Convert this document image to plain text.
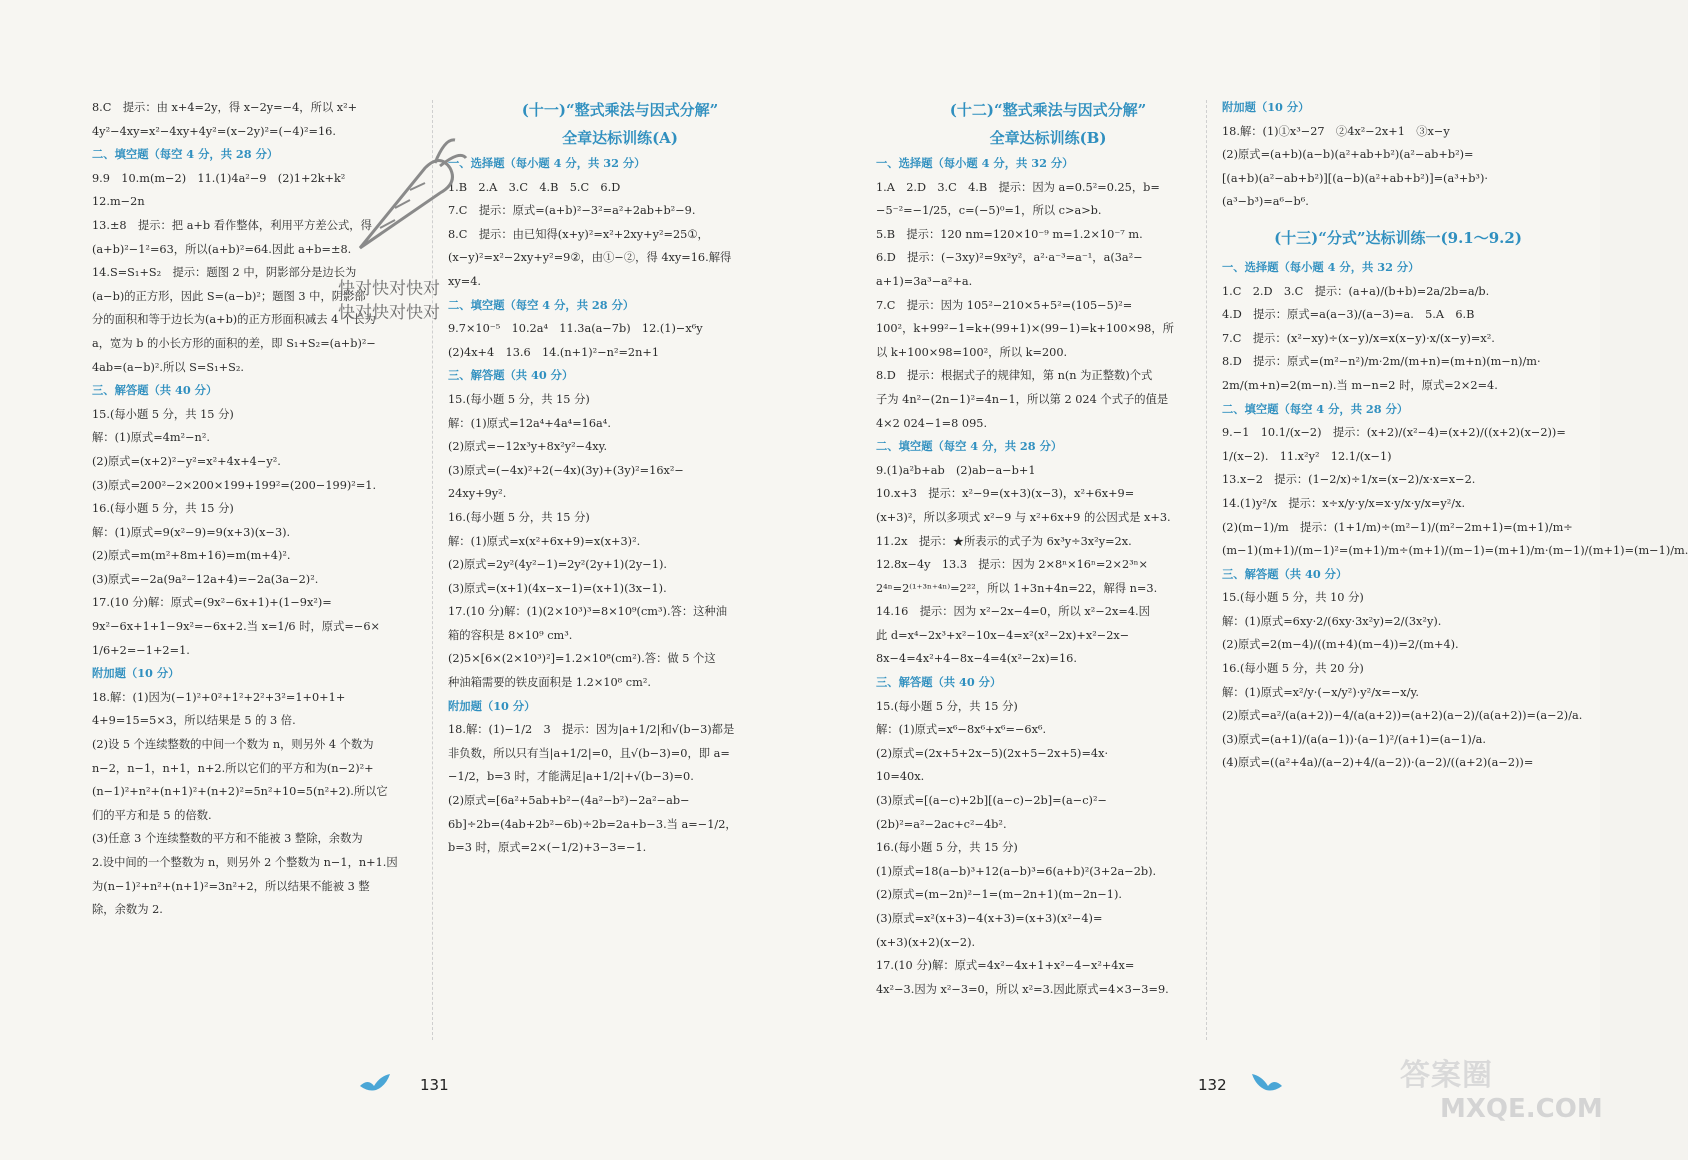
8.C　提示：由 x+4=2y，得 x−2y=−4，所以 x²+
4y²−4xy=x²−4xy+4y²=(x−2y)²=(−4)²=16.
二、填空题（每空 4 分，共 28 分）
9.9　10.m(m−2)　11.(1)4a²−9　(2)1+2k+k²
12.m−2n
13.±8　提示：把 a+b 看作整体，利用平方差公式，得
(a+b)²−1²=63，所以(a+b)²=64.因此 a+b=±8.
14.S=S₁+S₂　提示：题图 2 中，阴影部分是边长为
(a−b)的正方形，因此 S=(a−b)²；题图 3 中，阴影部
分的面积和等于边长为(a+b)的正方形面积减去 4 个长为
a，宽为 b 的小长方形的面积的差，即 S₁+S₂=(a+b)²−
4ab=(a−b)².所以 S=S₁+S₂.
三、解答题（共 40 分）
15.(每小题 5 分，共 15 分)
解：(1)原式=4m²−n².
(2)原式=(x+2)²−y²=x²+4x+4−y².
(3)原式=200²−2×200×199+199²=(200−199)²=1.
16.(每小题 5 分，共 15 分)
解：(1)原式=9(x²−9)=9(x+3)(x−3).
(2)原式=m(m²+8m+16)=m(m+4)².
(3)原式=−2a(9a²−12a+4)=−2a(3a−2)².
17.(10 分)解：原式=(9x²−6x+1)+(1−9x²)=
9x²−6x+1+1−9x²=−6x+2.当 x=1/6 时，原式=−6×
1/6+2=−1+2=1.
附加题（10 分）
18.解：(1)因为(−1)²+0²+1²+2²+3²=1+0+1+
4+9=15=5×3，所以结果是 5 的 3 倍.
(2)设 5 个连续整数的中间一个数为 n，则另外 4 个数为
n−2，n−1，n+1，n+2.所以它们的平方和为(n−2)²+
(n−1)²+n²+(n+1)²+(n+2)²=5n²+10=5(n²+2).所以它
们的平方和是 5 的倍数.
(3)任意 3 个连续整数的平方和不能被 3 整除，余数为
2.设中间的一个整数为 n，则另外 2 个整数为 n−1，n+1.因
为(n−1)²+n²+(n+1)²=3n²+2，所以结果不能被 3 整
除，余数为 2.
(十一)“整式乘法与因式分解”
全章达标训练(A)
一、选择题（每小题 4 分，共 32 分）
1.B　2.A　3.C　4.B　5.C　6.D
7.C　提示：原式=(a+b)²−3²=a²+2ab+b²−9.
8.C　提示：由已知得(x+y)²=x²+2xy+y²=25①，
(x−y)²=x²−2xy+y²=9②，由①−②，得 4xy=16.解得
xy=4.
二、填空题（每空 4 分，共 28 分）
9.7×10⁻⁵　10.2a⁴　11.3a(a−7b)　12.(1)−x⁶y
(2)4x+4　13.6　14.(n+1)²−n²=2n+1
三、解答题（共 40 分）
15.(每小题 5 分，共 15 分)
解：(1)原式=12a⁴+4a⁴=16a⁴.
(2)原式=−12x³y+8x²y²−4xy.
(3)原式=(−4x)²+2(−4x)(3y)+(3y)²=16x²−
24xy+9y².
16.(每小题 5 分，共 15 分)
解：(1)原式=x(x²+6x+9)=x(x+3)².
(2)原式=2y²(4y²−1)=2y²(2y+1)(2y−1).
(3)原式=(x+1)(4x−x−1)=(x+1)(3x−1).
17.(10 分)解：(1)(2×10³)³=8×10⁹(cm³).答：这种油
箱的容积是 8×10⁹ cm³.
(2)5×[6×(2×10³)²]=1.2×10⁸(cm²).答：做 5 个这
种油箱需要的铁皮面积是 1.2×10⁸ cm².
附加题（10 分）
18.解：(1)−1/2　3　提示：因为|a+1/2|和√(b−3)都是
非负数，所以只有当|a+1/2|=0，且√(b−3)=0，即 a=
−1/2，b=3 时，才能满足|a+1/2|+√(b−3)=0.
(2)原式=[6a²+5ab+b²−(4a²−b²)−2a²−ab−
6b]÷2b=(4ab+2b²−6b)÷2b=2a+b−3.当 a=−1/2，
b=3 时，原式=2×(−1/2)+3−3=−1.
(十二)“整式乘法与因式分解”
全章达标训练(B)
一、选择题（每小题 4 分，共 32 分）
1.A　2.D　3.C　4.B　提示：因为 a=0.5²=0.25，b=
−5⁻²=−1/25，c=(−5)⁰=1，所以 c>a>b.
5.B　提示：120 nm=120×10⁻⁹ m=1.2×10⁻⁷ m.
6.D　提示：(−3xy)²=9x²y²，a²·a⁻³=a⁻¹，a(3a²−
a+1)=3a³−a²+a.
7.C　提示：因为 105²−210×5+5²=(105−5)²=
100²，k+99²−1=k+(99+1)×(99−1)=k+100×98，所
以 k+100×98=100²，所以 k=200.
8.D　提示：根据式子的规律知，第 n(n 为正整数)个式
子为 4n²−(2n−1)²=4n−1，所以第 2 024 个式子的值是
4×2 024−1=8 095.
二、填空题（每空 4 分，共 28 分）
9.(1)a²b+ab　(2)ab−a−b+1
10.x+3　提示：x²−9=(x+3)(x−3)，x²+6x+9=
(x+3)²，所以多项式 x²−9 与 x²+6x+9 的公因式是 x+3.
11.2x　提示：★所表示的式子为 6x³y÷3x²y=2x.
12.8x−4y　13.3　提示：因为 2×8ⁿ×16ⁿ=2×2³ⁿ×
2⁴ⁿ=2⁽¹⁺³ⁿ⁺⁴ⁿ⁾=2²²，所以 1+3n+4n=22，解得 n=3.
14.16　提示：因为 x²−2x−4=0，所以 x²−2x=4.因
此 d=x⁴−2x³+x²−10x−4=x²(x²−2x)+x²−2x−
8x−4=4x²+4−8x−4=4(x²−2x)=16.
三、解答题（共 40 分）
15.(每小题 5 分，共 15 分)
解：(1)原式=x⁶−8x⁶+x⁶=−6x⁶.
(2)原式=(2x+5+2x−5)(2x+5−2x+5)=4x·
10=40x.
(3)原式=[(a−c)+2b][(a−c)−2b]=(a−c)²−
(2b)²=a²−2ac+c²−4b².
16.(每小题 5 分，共 15 分)
(1)原式=18(a−b)³+12(a−b)³=6(a+b)²(3+2a−2b).
(2)原式=(m−2n)²−1=(m−2n+1)(m−2n−1).
(3)原式=x²(x+3)−4(x+3)=(x+3)(x²−4)=
(x+3)(x+2)(x−2).
17.(10 分)解：原式=4x²−4x+1+x²−4−x²+4x=
4x²−3.因为 x²−3=0，所以 x²=3.因此原式=4×3−3=9.
附加题（10 分）
18.解：(1)①x³−27　②4x²−2x+1　③x−y
(2)原式=(a+b)(a−b)(a²+ab+b²)(a²−ab+b²)=
[(a+b)(a²−ab+b²)][(a−b)(a²+ab+b²)]=(a³+b³)·
(a³−b³)=a⁶−b⁶.
(十三)“分式”达标训练一(9.1～9.2)
一、选择题（每小题 4 分，共 32 分）
1.C　2.D　3.C　提示：(a+a)/(b+b)=2a/2b=a/b.
4.D　提示：原式=a(a−3)/(a−3)=a.　5.A　6.B
7.C　提示：(x²−xy)÷(x−y)/x=x(x−y)·x/(x−y)=x².
8.D　提示：原式=(m²−n²)/m·2m/(m+n)=(m+n)(m−n)/m·
2m/(m+n)=2(m−n).当 m−n=2 时，原式=2×2=4.
二、填空题（每空 4 分，共 28 分）
9.−1　10.1/(x−2)　提示：(x+2)/(x²−4)=(x+2)/((x+2)(x−2))=
1/(x−2).　11.x²y²　12.1/(x−1)
13.x−2　提示：(1−2/x)÷1/x=(x−2)/x·x=x−2.
14.(1)y²/x　提示：x÷x/y·y/x=x·y/x·y/x=y²/x.
(2)(m−1)/m　提示：(1+1/m)÷(m²−1)/(m²−2m+1)=(m+1)/m÷
(m−1)(m+1)/(m−1)²=(m+1)/m÷(m+1)/(m−1)=(m+1)/m·(m−1)/(m+1)=(m−1)/m.
三、解答题（共 40 分）
15.(每小题 5 分，共 10 分)
解：(1)原式=6xy·2/(6xy·3x²y)=2/(3x²y).
(2)原式=2(m−4)/((m+4)(m−4))=2/(m+4).
16.(每小题 5 分，共 20 分)
解：(1)原式=x²/y·(−x/y²)·y²/x=−x/y.
(2)原式=a²/(a(a+2))−4/(a(a+2))=(a+2)(a−2)/(a(a+2))=(a−2)/a.
(3)原式=(a+1)/(a(a−1))·(a−1)²/(a+1)=(a−1)/a.
(4)原式=((a²+4a)/(a−2)+4/(a−2))·(a−2)/((a+2)(a−2))=
快对快对快对
快对快对快对
131	132	答案圈
MXQE.COM
